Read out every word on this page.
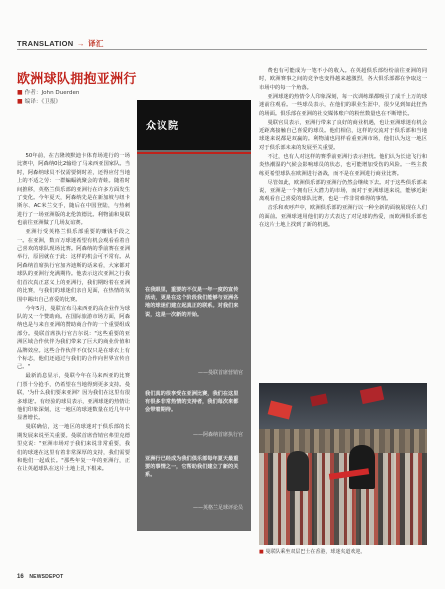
TRANSLATION → 译汇
欧洲球队拥抱亚洲行
■ 作者：John Duerden
■ 编译：《卫报》

50年前，在吉隆坡默迪卡体育场进行的一场比赛中，阿森纳0比2输给了马来西亚国家队。当时，阿森纳球员不仅需要倒时差，还得应付当地上的不适之劳：一群蝙蝠就聚会的青蛙。随着时间推移，英格兰俱乐部的亚洲行在许多方面发生了变化。今年夏天，阿森纳先是在新加坡与纽卡斯尔、AC米兰交手，随后在中国登陆，与热刺进行了一场亚洲版的北伦敦德比。利物浦和曼联也前往亚洲做了几场友谊赛。

亚洲行受英格兰俱乐部重要的赚钱手段之一。在亚洲，数百万球迷希望有机会观看看着自己喜欢的球队现场比赛。阿森纳的季前赛在亚洲举行，原因就在于此：这样的机会可不常有。从阿森纳首席执行官加齐迪斯的话来看，大家都对球队的亚洲行充满期待。他表示这次亚洲之行我们首次真正意义上的亚洲行，我们期盼着在亚洲的比赛，与我们的球迷们亲自见面，在热情的氛围中踢出自己喜爱的比赛。

今年5月，曼联宣布马来西亚的高企业作为球队的又一个赞助商。在国际旅游市场方面，阿森纳也是与来自亚洲的赞助商合作的一个重要组成部分。曼联首席执行官吉尔说："这些重要的亚洲区域合作伙伴为我们带来了巨大的商业价值和品牌效应。这些合作伙伴不仅仅只是在球衣上有个标志，他们还通过与我们的合作向世界宣传自己。"

最新消息显示，曼联今年在马来西亚的比赛门票十分抢手，仍希望在当地得到更多支持。曼联，'为什么我们要来亚洲？因为我们在这里有很多球迷'。有经验的球员表示，亚洲球迷的热情让他们印象深刻，这一地区的球迷数量在近几年中显著增长。

曼联确信，这一地区的球迷对于俱乐部的长期发展来说至关重要。曼联首席营销官弗里克德里克说："亚洲市场对于我们来说非常重要，我们的球迷在这里有着非常深厚的支持，我们需要和他们一起成长。"那些年复一年的亚洲行，正在让英超球队在这片土地上扎下根来。

众议院
在我眼里，重要的不仅是一年一度的宣传活动，更是在这个阶段我们能够与亚洲各地的球迷们建立起真正的联系。对我们来说，这是一次新的开始。
——曼联首席营销官
我们真的很享受在亚洲比赛，我们在这里有很多非常热情的支持者，我们每次来都会带着期待。
——阿森纳首席执行官
亚洲行已经成为我们俱乐部每年夏天最重要的事情之一，它帮助我们建立了新的关系。
——英格兰足球评论员

费也有可能成为一笔不小的收入。在英超俱乐部纷纷前往亚洲的同时，欧洲赛事之间的竞争也变得越来越激烈，各大俱乐部都在争取这一市场中的每一个角落。

亚洲球迷的热情令人印象深刻，每一次训练课都吸引了成千上万的球迷前往观看。一些球员表示，在他们的职业生涯中，很少见到如此狂热的场面。俱乐部在亚洲的社交媒体账户的粉丝数量也在不断增长。

曼联官员表示，亚洲行带来了良好的商业机遇，也让亚洲球迷有机会近距离接触自己喜爱的球员。他们相信，这样的交流对于俱乐部和当地球迷来说都是双赢的。利物浦也同样看重亚洲市场，他们认为这一地区对于俱乐部未来的发展至关重要。

不过，也有人对这样的赛季前亚洲行表示担忧。他们认为长途飞行和炎热潮湿的气候会影响球员的状态，也可能增加受伤的风险。一些主教练更希望球队在欧洲进行备战，而不是在亚洲进行商业比赛。

尽管如此，欧洲俱乐部的亚洲行仍然会继续下去。对于这些俱乐部来说，亚洲是一个拥有巨大潜力的市场，而对于亚洲球迷来说，能够近距离观看自己喜爱的球队比赛，也是一件非常难得的事情。

音乐和欢呼声中，欧洲俱乐部的亚洲行以一种全新的面貌展现在人们的面前。亚洲球迷用他们的方式表达了对足球的热爱，而欧洲俱乐部也在这片土地上找到了新的机遇。

■ 曼联队乘坐双层巴士在香港，球迷夹道欢迎。
16 NEWSDEPOT
